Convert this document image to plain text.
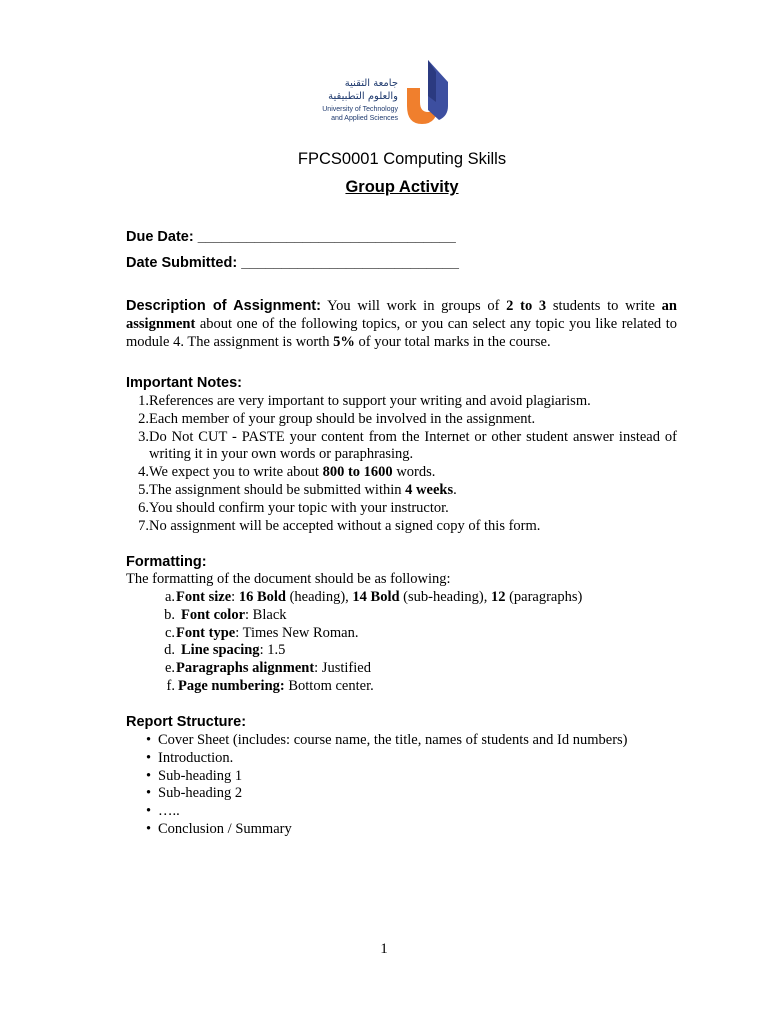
جامعة التقنية
والعلوم التطبيقية
University of Technology
and Applied Sciences
FPCS0001 Computing Skills
Group Activity
Due Date: ________________________________
Date Submitted: ___________________________
Description of Assignment: You will work in groups of 2 to 3 students to write an assignment about one of the following topics, or you can select any topic you like related to module 4. The assignment is worth 5% of your total marks in the course.
Important Notes:
1. References are very important to support your writing and avoid plagiarism.
2. Each member of your group should be involved in the assignment.
3. Do Not CUT - PASTE your content from the Internet or other student answer instead of writing it in your own words or paraphrasing.
4. We expect you to write about 800 to 1600 words.
5. The assignment should be submitted within 4 weeks.
6. You should confirm your topic with your instructor.
7. No assignment will be accepted without a signed copy of this form.
Formatting:
The formatting of the document should be as following:
a. Font size: 16 Bold (heading), 14 Bold (sub-heading), 12 (paragraphs)
b. Font color: Black
c. Font type: Times New Roman.
d. Line spacing: 1.5
e. Paragraphs alignment: Justified
f. Page numbering: Bottom center.
Report Structure:
• Cover Sheet (includes: course name, the title, names of students and Id numbers)
• Introduction.
• Sub-heading 1
• Sub-heading 2
• …..
• Conclusion / Summary
1
